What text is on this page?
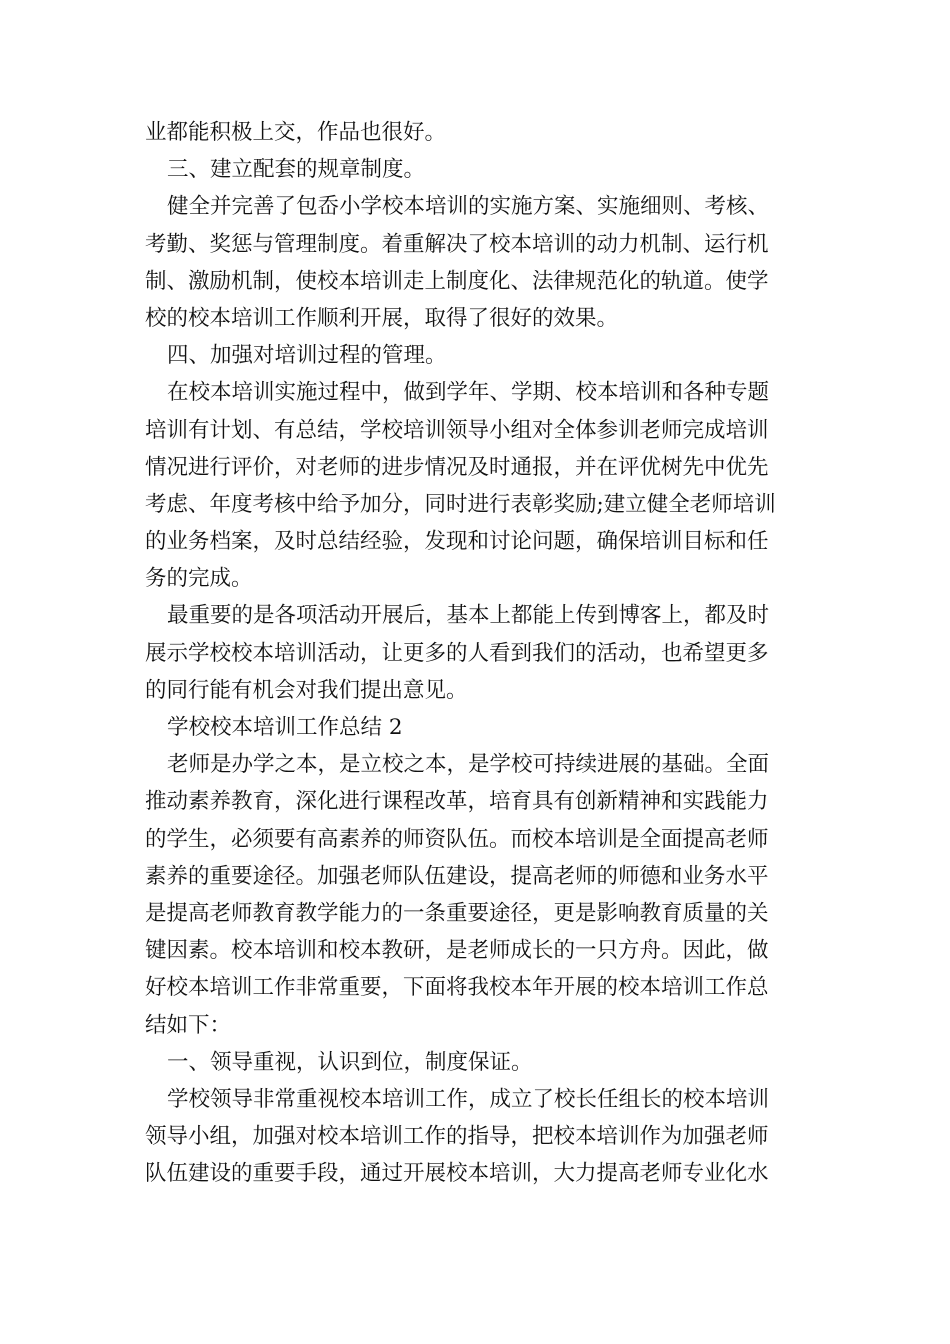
业都能积极上交，作品也很好。
三、建立配套的规章制度。
健全并完善了包岙小学校本培训的实施方案、实施细则、考核、
考勤、奖惩与管理制度。着重解决了校本培训的动力机制、运行机
制、激励机制，使校本培训走上制度化、法律规范化的轨道。使学
校的校本培训工作顺利开展，取得了很好的效果。
四、加强对培训过程的管理。
在校本培训实施过程中，做到学年、学期、校本培训和各种专题
培训有计划、有总结，学校培训领导小组对全体参训老师完成培训
情况进行评价，对老师的进步情况及时通报，并在评优树先中优先
考虑、年度考核中给予加分，同时进行表彰奖励;建立健全老师培训
的业务档案，及时总结经验，发现和讨论问题，确保培训目标和任
务的完成。
最重要的是各项活动开展后，基本上都能上传到博客上，都及时
展示学校校本培训活动，让更多的人看到我们的活动，也希望更多
的同行能有机会对我们提出意见。
学校校本培训工作总结 2
老师是办学之本，是立校之本，是学校可持续进展的基础。全面
推动素养教育，深化进行课程改革，培育具有创新精神和实践能力
的学生，必须要有高素养的师资队伍。而校本培训是全面提高老师
素养的重要途径。加强老师队伍建设，提高老师的师德和业务水平
是提高老师教育教学能力的一条重要途径，更是影响教育质量的关
键因素。校本培训和校本教研，是老师成长的一只方舟。因此，做
好校本培训工作非常重要，下面将我校本年开展的校本培训工作总
结如下：
一、领导重视，认识到位，制度保证。
学校领导非常重视校本培训工作，成立了校长任组长的校本培训
领导小组，加强对校本培训工作的指导，把校本培训作为加强老师
队伍建设的重要手段，通过开展校本培训，大力提高老师专业化水
